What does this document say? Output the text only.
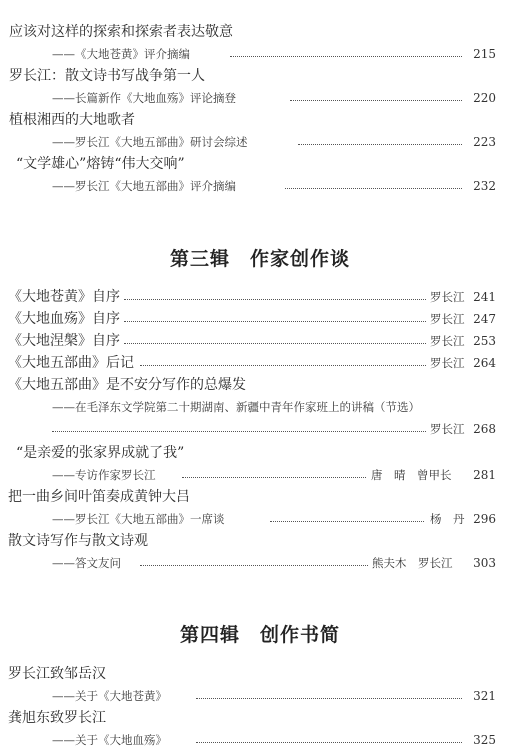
应该对这样的探索和探索者表达敬意
——《大地苍黄》评介摘编	215
罗长江：散文诗书写战争第一人
——长篇新作《大地血殇》评论摘登	220
植根湘西的大地歌者
——罗长江《大地五部曲》研讨会综述	223
“文学雄心”熔铸“伟大交响”
——罗长江《大地五部曲》评介摘编	232
第三辑　作家创作谈
《大地苍黄》自序	罗长江 241
《大地血殇》自序	罗长江 247
《大地涅槃》自序	罗长江 253
《大地五部曲》后记	罗长江 264
《大地五部曲》是不安分写作的总爆发
——在毛泽东文学院第二十期湖南、新疆中青年作家班上的讲稿（节选）
罗长江 268
“是亲爱的张家界成就了我”
——专访作家罗长江	唐　晴　曾甲长	281
把一曲乡间叶笛奏成黄钟大吕
——罗长江《大地五部曲》一席谈	杨　丹 296
散文诗写作与散文诗观
——答文友问	熊夫木　罗长江	303
第四辑　创作书简
罗长江致邹岳汉
——关于《大地苍黄》	321
龚旭东致罗长江
——关于《大地血殇》	325
